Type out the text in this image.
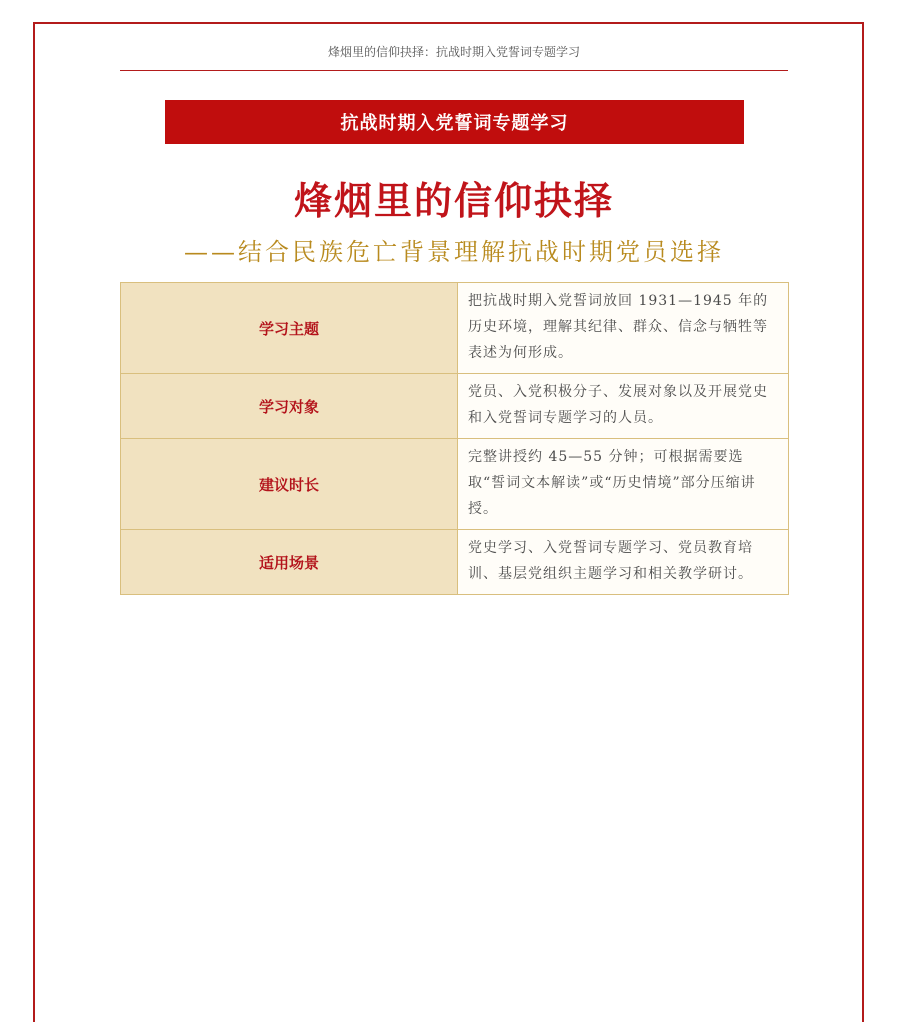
烽烟里的信仰抉择：抗战时期入党誓词专题学习
抗战时期入党誓词专题学习
烽烟里的信仰抉择
——结合民族危亡背景理解抗战时期党员选择
学习主题	把抗战时期入党誓词放回 1931—1945 年的历史环境，理解其纪律、群众、信念与牺牲等表述为何形成。
学习对象	党员、入党积极分子、发展对象以及开展党史和入党誓词专题学习的人员。
建议时长	完整讲授约 45—55 分钟；可根据需要选取“誓词文本解读”或“历史情境”部分压缩讲授。
适用场景	党史学习、入党誓词专题学习、党员教育培训、基层党组织主题学习和相关教学研讨。
